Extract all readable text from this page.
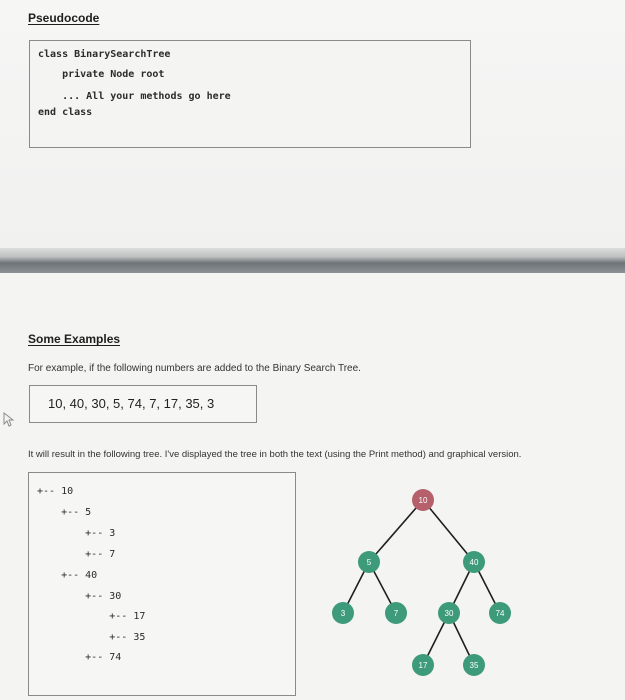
Pseudocode
class BinarySearchTree
private Node root
... All your methods go here
end class
Some Examples
For example, if the following numbers are added to the Binary Search Tree.
10, 40, 30, 5, 74, 7, 17, 35, 3
It will result in the following tree. I've displayed the tree in both the text (using the Print method) and graphical version.
+-- 10
+-- 5
+-- 3
+-- 7
+-- 40
+-- 30
+-- 17
+-- 35
+-- 74
10
5	40
3	7	30	74
17	35
